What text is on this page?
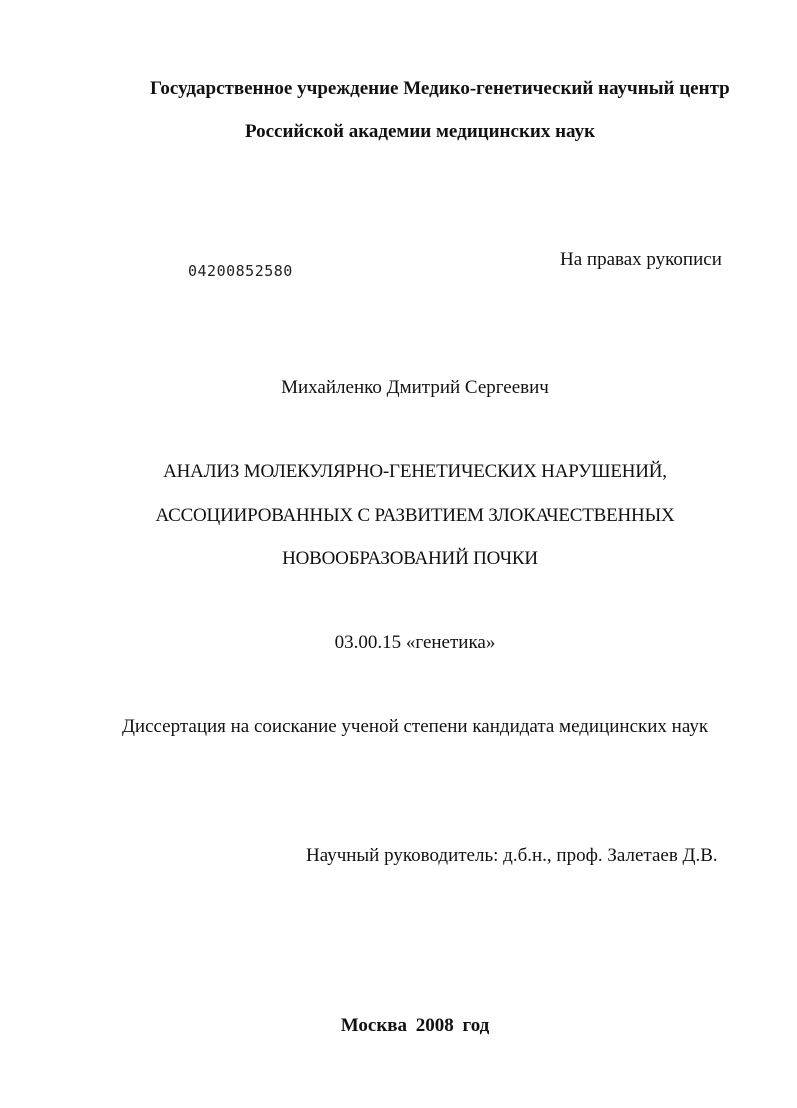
Государственное учреждение Медико-генетический научный центр
Российской академии медицинских наук
04200852580
На правах рукописи
Михайленко Дмитрий Сергеевич
АНАЛИЗ МОЛЕКУЛЯРНО-ГЕНЕТИЧЕСКИХ НАРУШЕНИЙ,
АССОЦИИРОВАННЫХ С РАЗВИТИЕМ ЗЛОКАЧЕСТВЕННЫХ
НОВООБРАЗОВАНИЙ ПОЧКИ
03.00.15 «генетика»
Диссертация на соискание ученой степени кандидата медицинских наук
Научный руководитель: д.б.н., проф. Залетаев Д.В.
Москва 2008 год
